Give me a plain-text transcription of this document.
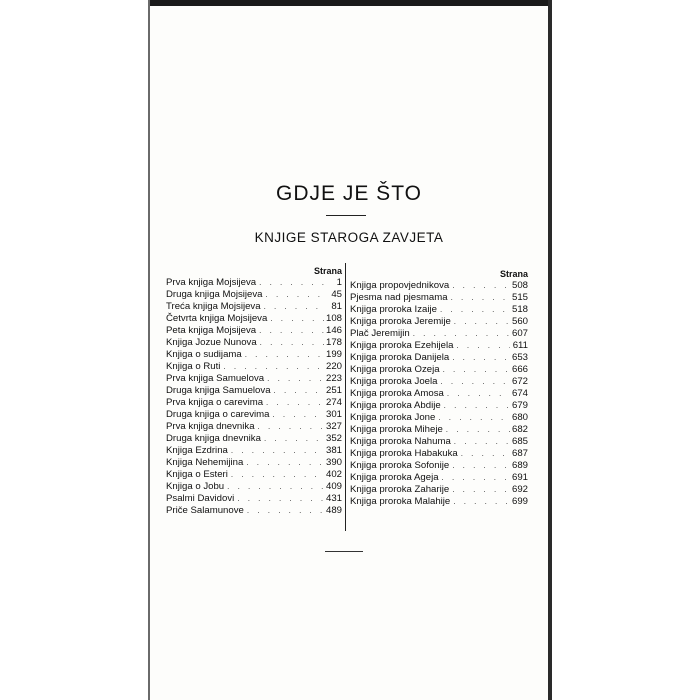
GDJE JE ŠTO
KNJIGE STAROGA ZAVJETA
Strana
Prva knjiga Mojsijeva . . .	1
Druga knjiga Mojsijeva . . .	45
Treća knjiga Mojsijeva . . .	81
Četvrta knjiga Mojsijeva . . .	108
Peta knjiga Mojsijeva . . .	146
Knjiga Jozue Nunova . . .	178
Knjiga o sudijama . . .	199
Knjiga o Ruti . . .	220
Prva knjiga Samuelova . . .	223
Druga knjiga Samuelova . . .	251
Prva knjiga o carevima . . .	274
Druga knjiga o carevima . . .	301
Prva knjiga dnevnika . . .	327
Druga knjiga dnevnika . . .	352
Knjiga Ezdrina . . .	381
Knjiga Nehemijina . . .	390
Knjiga o Esteri . . .	402
Knjiga o Jobu . . .	409
Psalmi Davidovi . . .	431
Priče Salamunove . . .	489
Strana
Knjiga propovjednikova . . .	508
Pjesma nad pjesmama . . .	515
Knjiga proroka Izaije . . .	518
Knjiga proroka Jeremije . . .	560
Plač Jeremijin . . .	607
Knjiga proroka Ezehijela . . .	611
Knjiga proroka Danijela . . .	653
Knjiga proroka Ozeja . . .	666
Knjiga proroka Joela . . .	672
Knjiga proroka Amosa . . .	674
Knjiga proroka Abdije . . .	679
Knjiga proroka Jone . . .	680
Knjiga proroka Miheje . . .	682
Knjiga proroka Nahuma . . .	685
Knjiga proroka Habakuka . . .	687
Knjiga proroka Sofonije . . .	689
Knjiga proroka Ageja . . .	691
Knjiga proroka Zaharije . . .	692
Knjiga proroka Malahije . . .	699
